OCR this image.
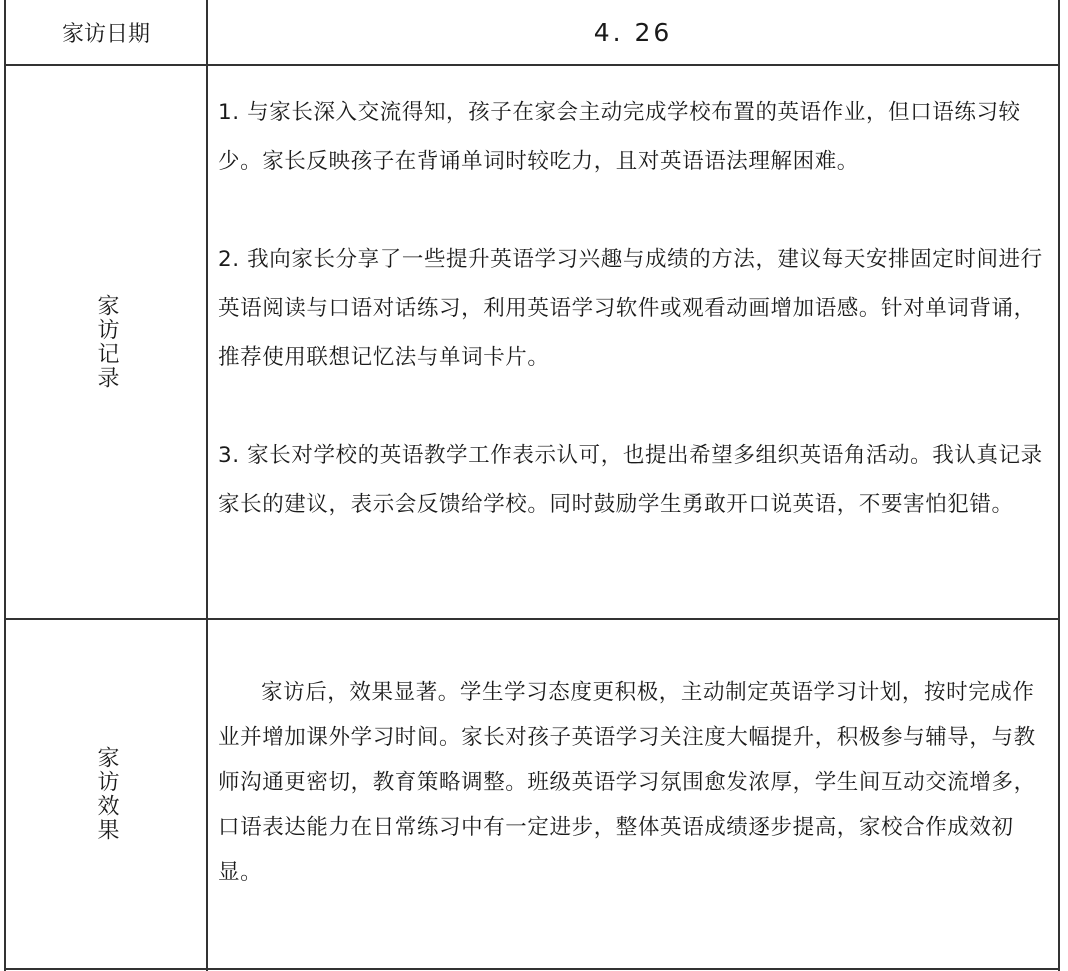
家访日期	4. 26
家访记录

1. 与家长深入交流得知，孩子在家会主动完成学校布置的英语作业，但口语练习较少。家长反映孩子在背诵单词时较吃力，且对英语语法理解困难。

2. 我向家长分享了一些提升英语学习兴趣与成绩的方法，建议每天安排固定时间进行英语阅读与口语对话练习，利用英语学习软件或观看动画增加语感。针对单词背诵，推荐使用联想记忆法与单词卡片。

3. 家长对学校的英语教学工作表示认可，也提出希望多组织英语角活动。我认真记录家长的建议，表示会反馈给学校。同时鼓励学生勇敢开口说英语，不要害怕犯错。

家访效果

家访后，效果显著。学生学习态度更积极，主动制定英语学习计划，按时完成作业并增加课外学习时间。家长对孩子英语学习关注度大幅提升，积极参与辅导，与教师沟通更密切，教育策略调整。班级英语学习氛围愈发浓厚，学生间互动交流增多，口语表达能力在日常练习中有一定进步，整体英语成绩逐步提高，家校合作成效初显。
